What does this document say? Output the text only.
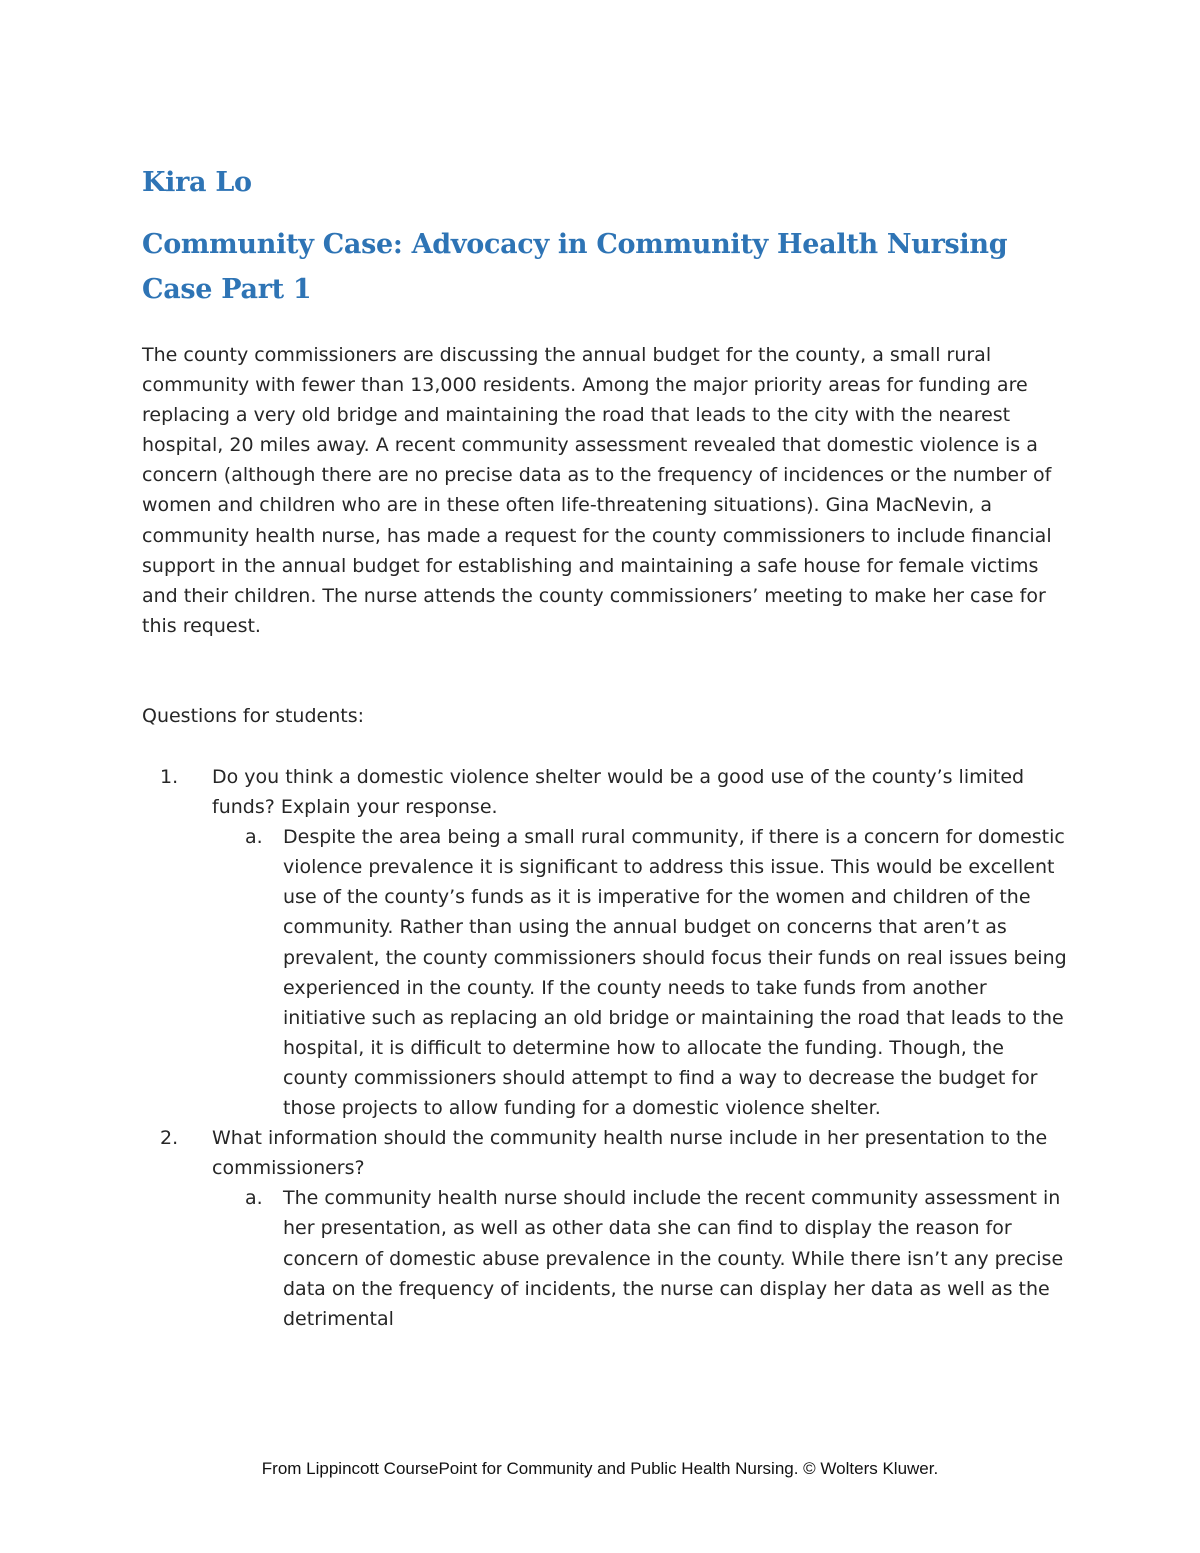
Kira Lo
Community Case: Advocacy in Community Health Nursing
Case Part 1

The county commissioners are discussing the annual budget for the county, a small rural community with fewer than 13,000 residents. Among the major priority areas for funding are replacing a very old bridge and maintaining the road that leads to the city with the nearest hospital, 20 miles away. A recent community assessment revealed that domestic violence is a concern (although there are no precise data as to the frequency of incidences or the number of women and children who are in these often life-threatening situations). Gina MacNevin, a community health nurse, has made a request for the county commissioners to include financial support in the annual budget for establishing and maintaining a safe house for female victims and their children. The nurse attends the county commissioners’ meeting to make her case for this request.

Questions for students:

1. Do you think a domestic violence shelter would be a good use of the county’s limited funds? Explain your response.

a. Despite the area being a small rural community, if there is a concern for domestic violence prevalence it is significant to address this issue. This would be excellent use of the county’s funds as it is imperative for the women and children of the community. Rather than using the annual budget on concerns that aren’t as prevalent, the county commissioners should focus their funds on real issues being experienced in the county. If the county needs to take funds from another initiative such as replacing an old bridge or maintaining the road that leads to the hospital, it is difficult to determine how to allocate the funding. Though, the county commissioners should attempt to find a way to decrease the budget for those projects to allow funding for a domestic violence shelter.
2. What information should the community health nurse include in her presentation to the commissioners?

a. The community health nurse should include the recent community assessment in her presentation, as well as other data she can find to display the reason for concern of domestic abuse prevalence in the county. While there isn’t any precise data on the frequency of incidents, the nurse can display her data as well as the detrimental

From Lippincott CoursePoint for Community and Public Health Nursing. © Wolters Kluwer.
